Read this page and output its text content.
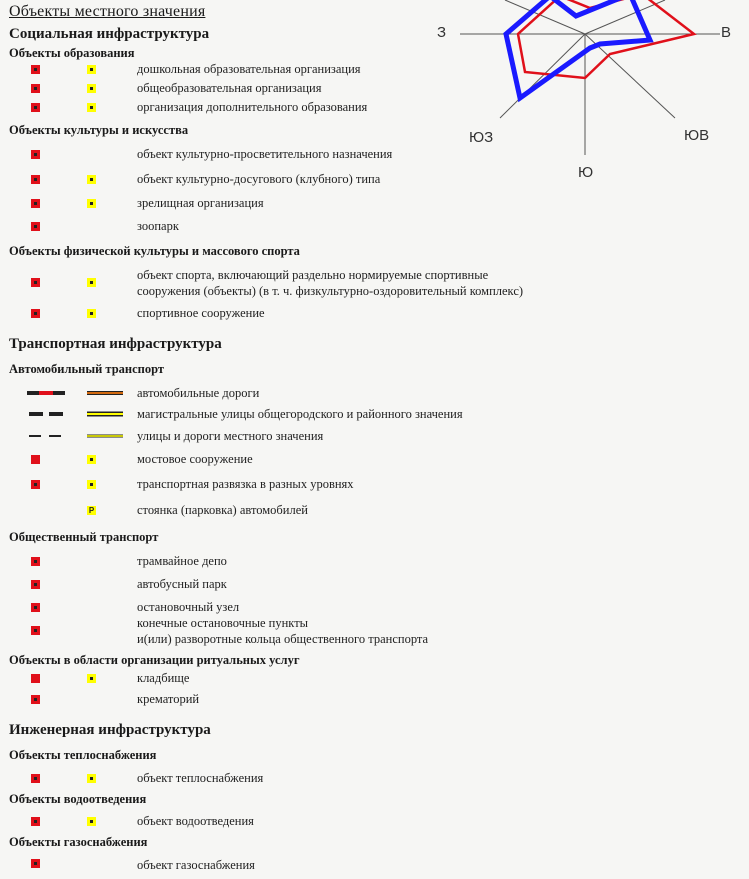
Объекты местного значения
Социальная инфраструктура
Объекты образования
дошкольная образовательная организация
общеобразовательная организация
организация дополнительного образования
Объекты культуры и искусства
объект культурно-просветительного назначения
объект культурно-досугового (клубного) типа
зрелищная организация
зоопарк
Объекты физической культуры и массового спорта
объект спорта, включающий раздельно нормируемые спортивные
сооружения (объекты) (в т. ч. физкультурно-оздоровительный комплекс)
спортивное сооружение
Транспортная инфраструктура
Автомобильный транспорт
автомобильные дороги
магистральные улицы общегородского и районного значения
улицы и дороги местного значения
мостовое сооружение
транспортная развязка в разных уровнях
P	стоянка (парковка) автомобилей
Общественный транспорт
трамвайное депо
автобусный парк
остановочный узел
конечные остановочные пункты
и(или) разворотные кольца общественного транспорта
Объекты в области организации ритуальных услуг
кладбище
крематорий
Инженерная инфраструктура
Объекты теплоснабжения
объект теплоснабжения
Объекты водоотведения
объект водоотведения
Объекты газоснабжения
объект газоснабжения
З	В
ЮЗ	ЮВ
Ю
